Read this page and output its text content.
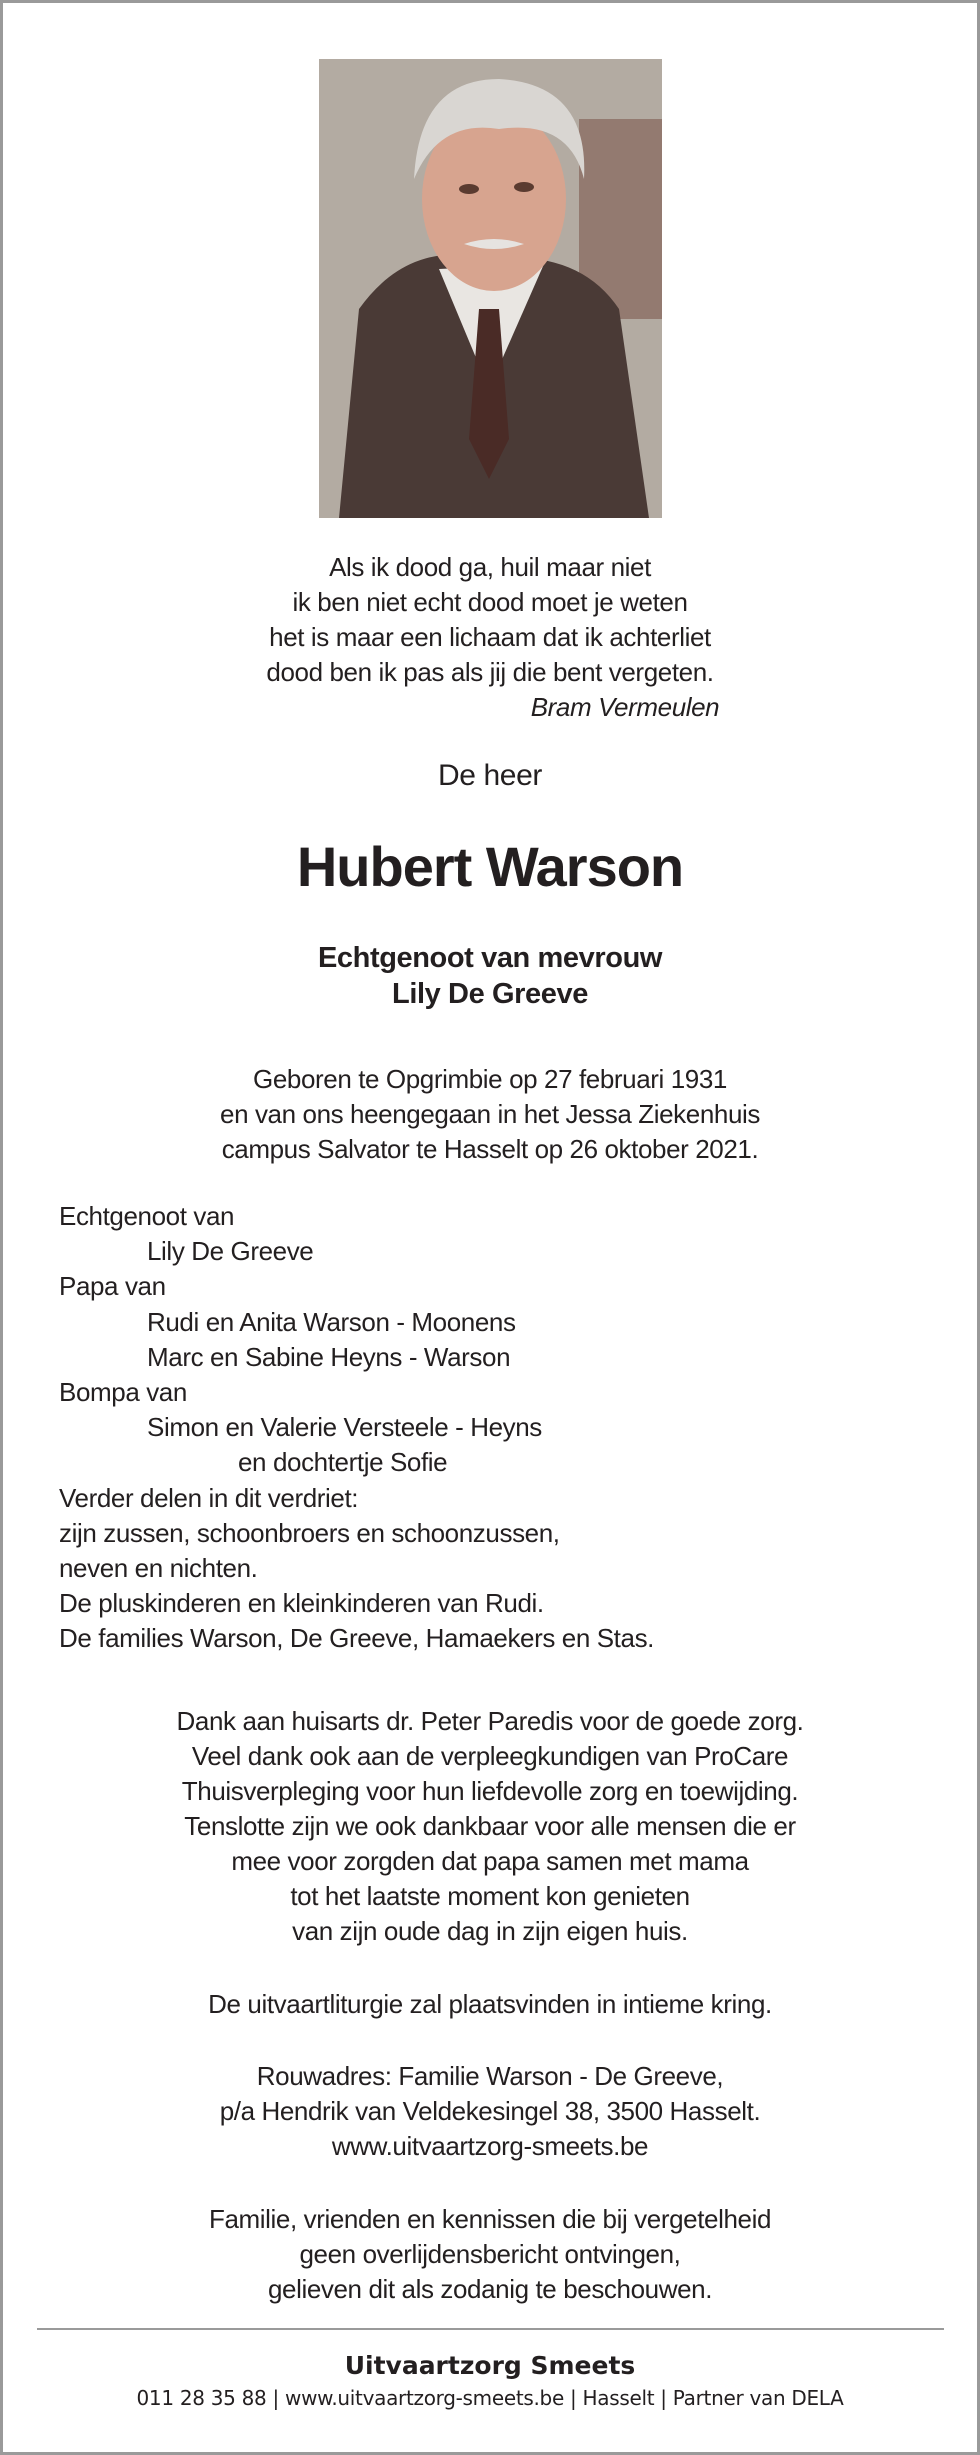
Als ik dood ga, huil maar niet
ik ben niet echt dood moet je weten
het is maar een lichaam dat ik achterliet
dood ben ik pas als jij die bent vergeten.
Bram Vermeulen
De heer
Hubert Warson
Echtgenoot van mevrouw
Lily De Greeve
Geboren te Opgrimbie op 27 februari 1931
en van ons heengegaan in het Jessa Ziekenhuis
campus Salvator te Hasselt op 26 oktober 2021.
Echtgenoot van
Lily De Greeve
Papa van
Rudi en Anita Warson - Moonens
Marc en Sabine Heyns - Warson
Bompa van
Simon en Valerie Versteele - Heyns
en dochtertje Sofie
Verder delen in dit verdriet:
zijn zussen, schoonbroers en schoonzussen,
neven en nichten.
De pluskinderen en kleinkinderen van Rudi.
De families Warson, De Greeve, Hamaekers en Stas.
Dank aan huisarts dr. Peter Paredis voor de goede zorg.
Veel dank ook aan de verpleegkundigen van ProCare
Thuisverpleging voor hun liefdevolle zorg en toewijding.
Tenslotte zijn we ook dankbaar voor alle mensen die er
mee voor zorgden dat papa samen met mama
tot het laatste moment kon genieten
van zijn oude dag in zijn eigen huis.
De uitvaartliturgie zal plaatsvinden in intieme kring.
Rouwadres: Familie Warson - De Greeve,
p/a Hendrik van Veldekesingel 38, 3500 Hasselt.
www.uitvaartzorg-smeets.be
Familie, vrienden en kennissen die bij vergetelheid
geen overlijdensbericht ontvingen,
gelieven dit als zodanig te beschouwen.
Uitvaartzorg Smeets
011 28 35 88 | www.uitvaartzorg-smeets.be | Hasselt | Partner van DELA
